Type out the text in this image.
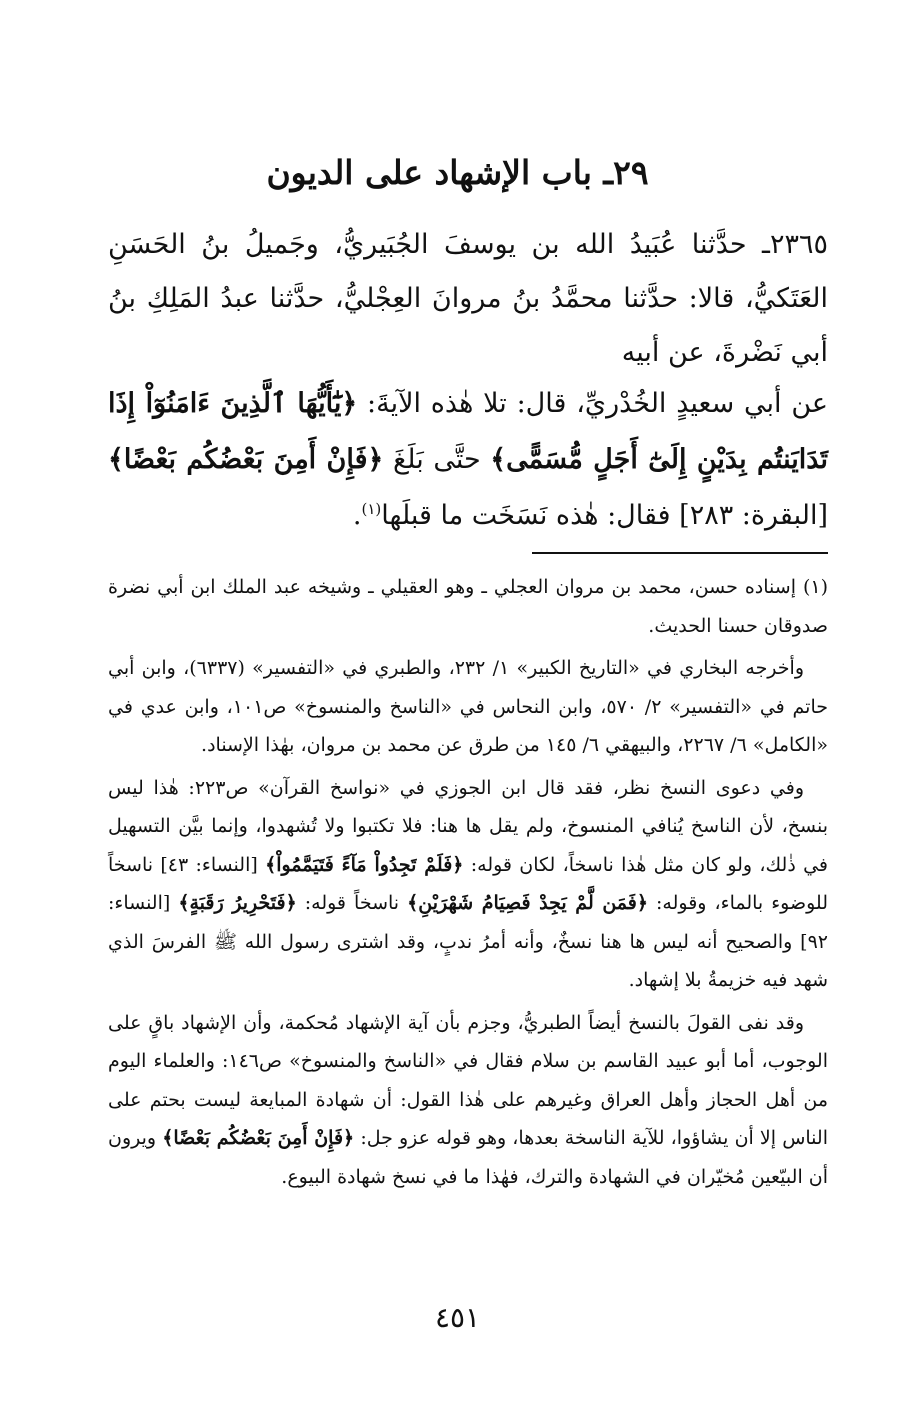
٢٩ـ باب الإشهاد على الديون

٢٣٦٥ـ حدَّثنا عُبَيدُ الله بن يوسفَ الجُبَيريُّ، وجَميلُ بنُ الحَسَنِ العَتَكيُّ، قالا: حدَّثنا محمَّدُ بنُ مروانَ العِجْليُّ، حدَّثنا عبدُ المَلِكِ بنُ أبي نَضْرةَ، عن أبيه

عن أبي سعيدٍ الخُدْريِّ، قال: تلا هٰذه الآيةَ: ﴿يَٰٓأَيُّهَا ٱلَّذِينَ ءَامَنُوٓاْ إِذَا تَدَايَنتُم بِدَيْنٍ إِلَىٰٓ أَجَلٍ مُّسَمًّى﴾ حتَّى بَلَغَ ﴿فَإِنْ أَمِنَ بَعْضُكُم بَعْضًا﴾ [البقرة: ٢٨٣] فقال: هٰذه نَسَخَت ما قبلَها$^{(١)}$.

(١) إسناده حسن، محمد بن مروان العجلي ـ وهو العقيلي ـ وشيخه عبد الملك ابن أبي نضرة صدوقان حسنا الحديث.

وأخرجه البخاري في «التاريخ الكبير» ١/ ٢٣٢، والطبري في «التفسير» (٦٣٣٧)، وابن أبي حاتم في «التفسير» ٢/ ٥٧٠، وابن النحاس في «الناسخ والمنسوخ» ص١٠١، وابن عدي في «الكامل» ٦/ ٢٢٦٧، والبيهقي ٦/ ١٤٥ من طرق عن محمد بن مروان، بهٰذا الإسناد.

وفي دعوى النسخ نظر، فقد قال ابن الجوزي في «نواسخ القرآن» ص٢٢٣: هٰذا ليس بنسخ، لأن الناسخ يُنافي المنسوخ، ولم يقل ها هنا: فلا تكتبوا ولا تُشهدوا، وإنما بيَّن التسهيل في ذٰلك، ولو كان مثل هٰذا ناسخاً، لكان قوله: ﴿فَلَمْ تَجِدُواْ مَآءً فَتَيَمَّمُواْ﴾ [النساء: ٤٣] ناسخاً للوضوء بالماء، وقوله: ﴿فَمَن لَّمْ يَجِدْ فَصِيَامُ شَهْرَيْنِ﴾ ناسخاً قوله: ﴿فَتَحْرِيرُ رَقَبَةٍ﴾ [النساء: ٩٢] والصحيح أنه ليس ها هنا نسخٌ، وأنه أمرُ ندبٍ، وقد اشترى رسول الله ﷺ الفرسَ الذي شهد فيه خزيمةُ بلا إشهاد.

وقد نفى القولَ بالنسخ أيضاً الطبريُّ، وجزم بأن آية الإشهاد مُحكمة، وأن الإشهاد باقٍ على الوجوب، أما أبو عبيد القاسم بن سلام فقال في «الناسخ والمنسوخ» ص١٤٦: والعلماء اليوم من أهل الحجاز وأهل العراق وغيرهم على هٰذا القول: أن شهادة المبايعة ليست بحتم على الناس إلا أن يشاؤوا، للآية الناسخة بعدها، وهو قوله عزو جل: ﴿فَإِنْ أَمِنَ بَعْضُكُم بَعْضًا﴾ ويرون أن البيّعين مُخيّران في الشهادة والترك، فهٰذا ما في نسخ شهادة البيوع.

٤٥١
